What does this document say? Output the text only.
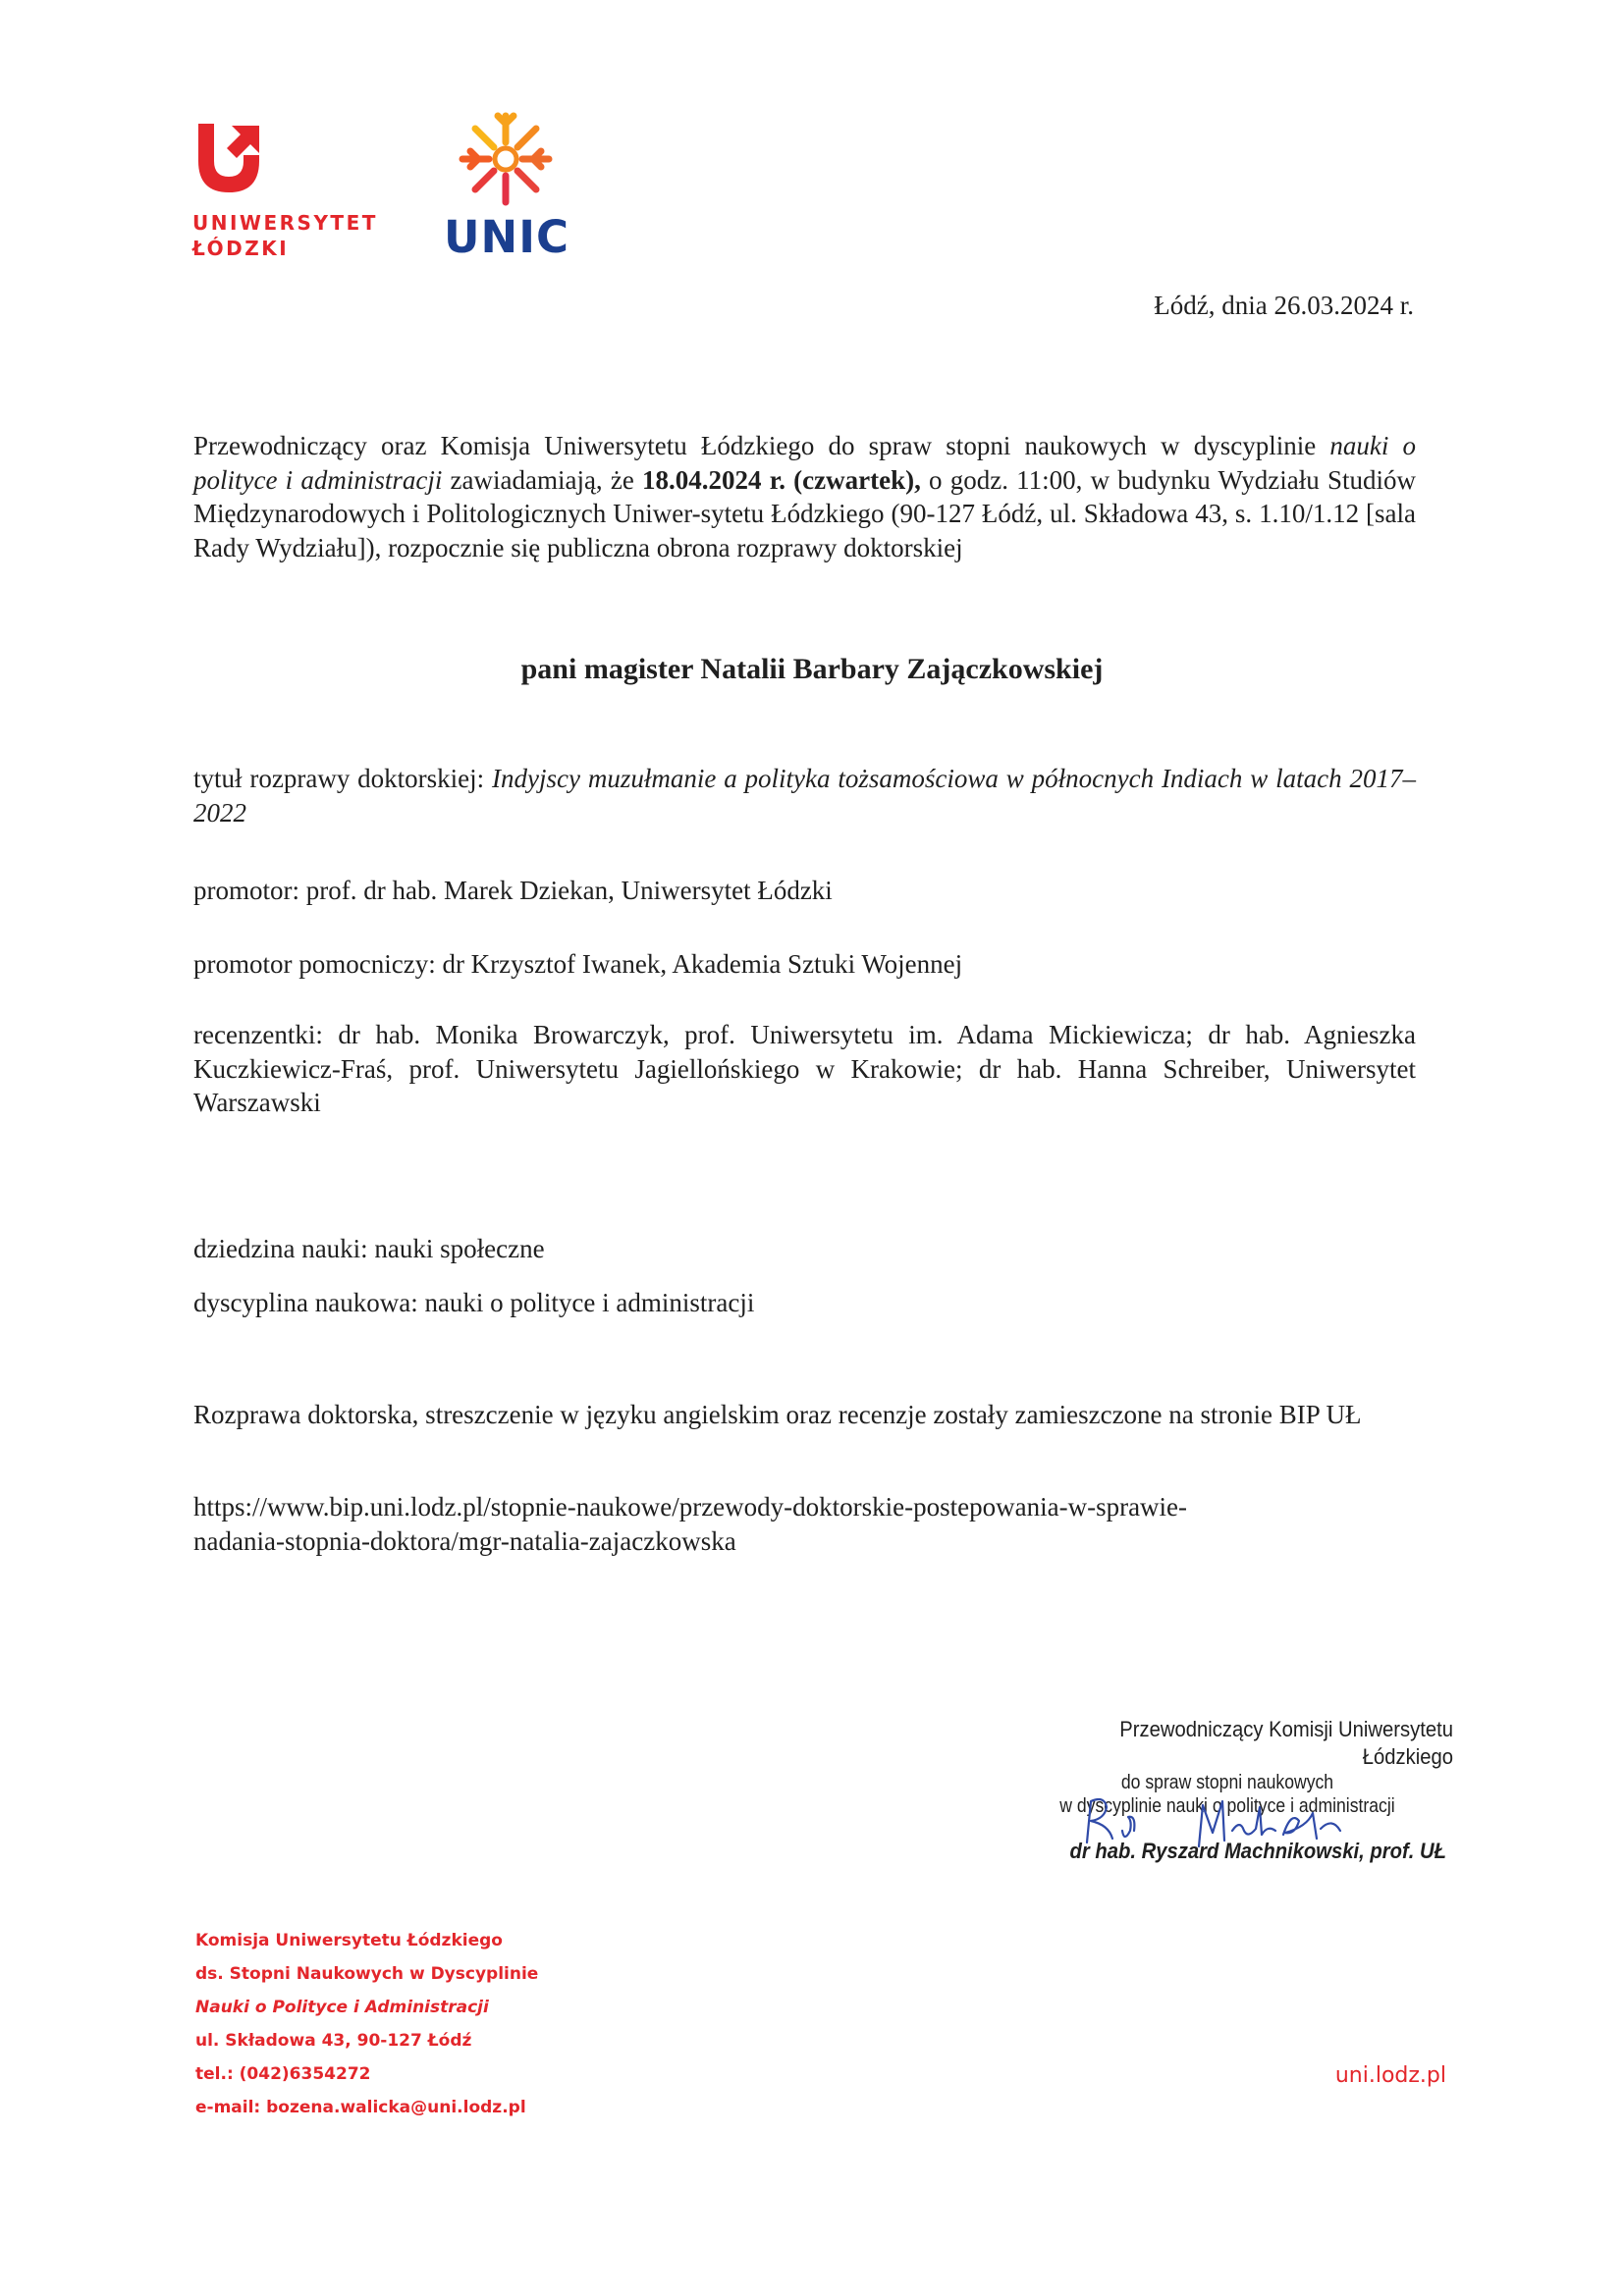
UNIWERSYTET
ŁÓDZKI	UNIC
Łódź, dnia 26.03.2024 r.

Przewodniczący oraz Komisja Uniwersytetu Łódzkiego do spraw stopni naukowych w dyscyplinie nauki o polityce i administracji zawiadamiają, że 18.04.2024 r. (czwartek), o godz. 11:00, w budynku Wydziału Studiów Międzynarodowych i Politologicznych Uniwer-sytetu Łódzkiego (90-127 Łódź, ul. Składowa 43, s. 1.10/1.12 [sala Rady Wydziału]), rozpocznie się publiczna obrona rozprawy doktorskiej

pani magister Natalii Barbary Zajączkowskiej

tytuł rozprawy doktorskiej: Indyjscy muzułmanie a polityka tożsamościowa w północnych Indiach w latach 2017–2022

promotor: prof. dr hab. Marek Dziekan, Uniwersytet Łódzki

promotor pomocniczy: dr Krzysztof Iwanek, Akademia Sztuki Wojennej

recenzentki: dr hab. Monika Browarczyk, prof. Uniwersytetu im. Adama Mickiewicza; dr hab. Agnieszka Kuczkiewicz-Fraś, prof. Uniwersytetu Jagiellońskiego w Krakowie; dr hab. Hanna Schreiber, Uniwersytet Warszawski

dziedzina nauki: nauki społeczne

dyscyplina naukowa: nauki o polityce i administracji

Rozprawa doktorska, streszczenie w języku angielskim oraz recenzje zostały zamieszczone na stronie BIP UŁ

https://www.bip.uni.lodz.pl/stopnie-naukowe/przewody-doktorskie-postepowania-w-sprawie-
nadania-stopnia-doktora/mgr-natalia-zajaczkowska
Przewodniczący Komisji Uniwersytetu Łódzkiego
do spraw stopni naukowych
w dyscyplinie nauki o polityce i administracji
dr hab. Ryszard Machnikowski, prof. UŁ
Komisja Uniwersytetu Łódzkiego
ds. Stopni Naukowych w Dyscyplinie
Nauki o Polityce i Administracji
ul. Składowa 43, 90-127 Łódź
tel.: (042)6354272
e-mail: bozena.walicka@uni.lodz.pl
uni.lodz.pl
